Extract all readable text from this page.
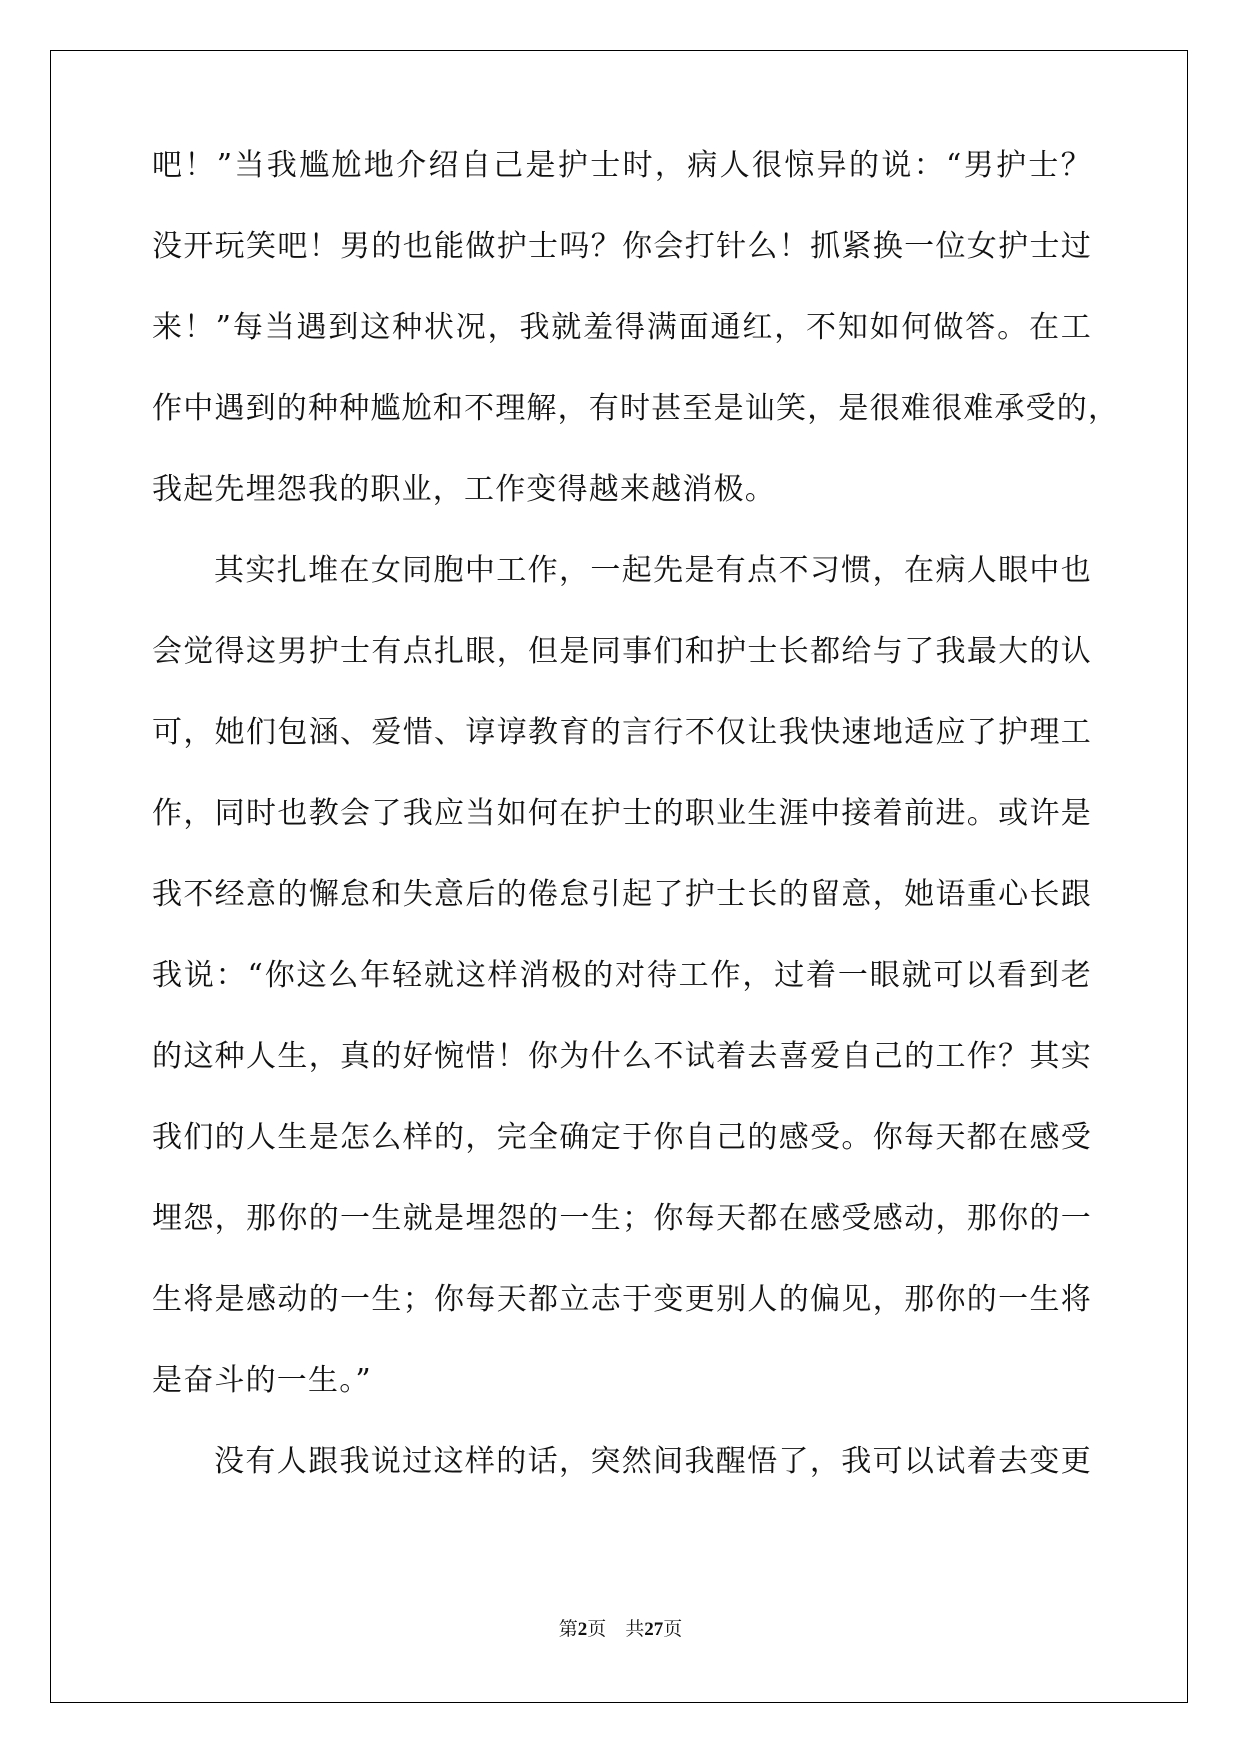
吧！”当我尴尬地介绍自己是护士时，病人很惊异的说：“男护士？
没开玩笑吧！男的也能做护士吗？你会打针么！抓紧换一位女护士过
来！”每当遇到这种状况，我就羞得满面通红，不知如何做答。在工
作中遇到的种种尴尬和不理解，有时甚至是讪笑，是很难很难承受的，
我起先埋怨我的职业，工作变得越来越消极。
其实扎堆在女同胞中工作，一起先是有点不习惯，在病人眼中也
会觉得这男护士有点扎眼，但是同事们和护士长都给与了我最大的认
可，她们包涵、爱惜、谆谆教育的言行不仅让我快速地适应了护理工
作，同时也教会了我应当如何在护士的职业生涯中接着前进。或许是
我不经意的懈怠和失意后的倦怠引起了护士长的留意，她语重心长跟
我说：“你这么年轻就这样消极的对待工作，过着一眼就可以看到老
的这种人生，真的好惋惜！你为什么不试着去喜爱自己的工作？其实
我们的人生是怎么样的，完全确定于你自己的感受。你每天都在感受
埋怨，那你的一生就是埋怨的一生；你每天都在感受感动，那你的一
生将是感动的一生；你每天都立志于变更别人的偏见，那你的一生将
是奋斗的一生。”
没有人跟我说过这样的话，突然间我醒悟了，我可以试着去变更
第2页 共27页
